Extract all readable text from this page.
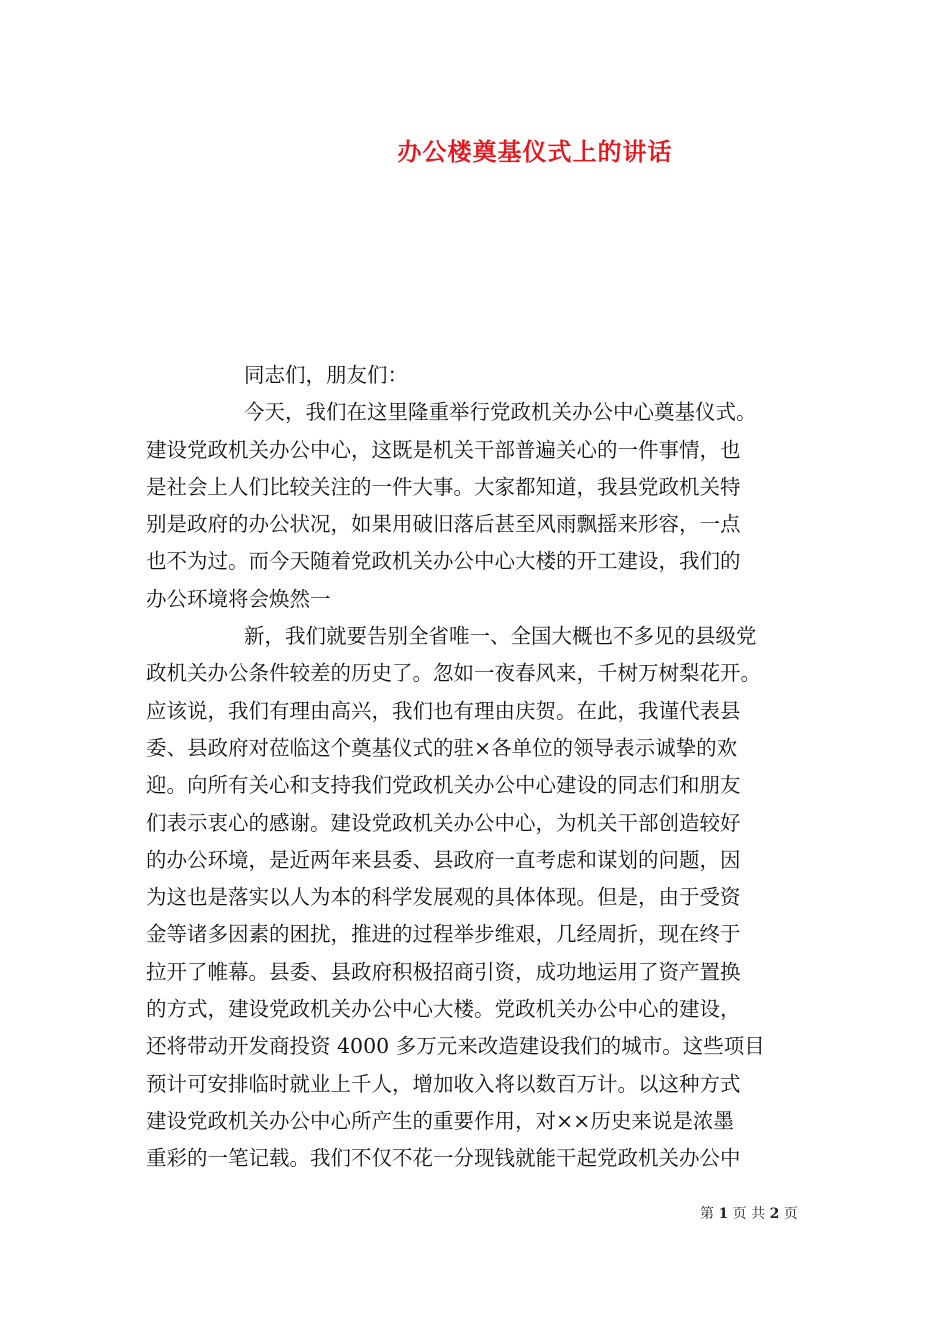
办公楼奠基仪式上的讲话
同志们，朋友们：
今天，我们在这里隆重举行党政机关办公中心奠基仪式。
建设党政机关办公中心，这既是机关干部普遍关心的一件事情，也
是社会上人们比较关注的一件大事。大家都知道，我县党政机关特
别是政府的办公状况，如果用破旧落后甚至风雨飘摇来形容，一点
也不为过。而今天随着党政机关办公中心大楼的开工建设，我们的
办公环境将会焕然一
新，我们就要告别全省唯一、全国大概也不多见的县级党
政机关办公条件较差的历史了。忽如一夜春风来，千树万树梨花开。
应该说，我们有理由高兴，我们也有理由庆贺。在此，我谨代表县
委、县政府对莅临这个奠基仪式的驻×各单位的领导表示诚挚的欢
迎。向所有关心和支持我们党政机关办公中心建设的同志们和朋友
们表示衷心的感谢。建设党政机关办公中心，为机关干部创造较好
的办公环境，是近两年来县委、县政府一直考虑和谋划的问题，因
为这也是落实以人为本的科学发展观的具体体现。但是，由于受资
金等诸多因素的困扰，推进的过程举步维艰，几经周折，现在终于
拉开了帷幕。县委、县政府积极招商引资，成功地运用了资产置换
的方式，建设党政机关办公中心大楼。党政机关办公中心的建设，
还将带动开发商投资 4000 多万元来改造建设我们的城市。这些项目
预计可安排临时就业上千人，增加收入将以数百万计。以这种方式
建设党政机关办公中心所产生的重要作用，对××历史来说是浓墨
重彩的一笔记载。我们不仅不花一分现钱就能干起党政机关办公中
第 1 页 共 2 页
